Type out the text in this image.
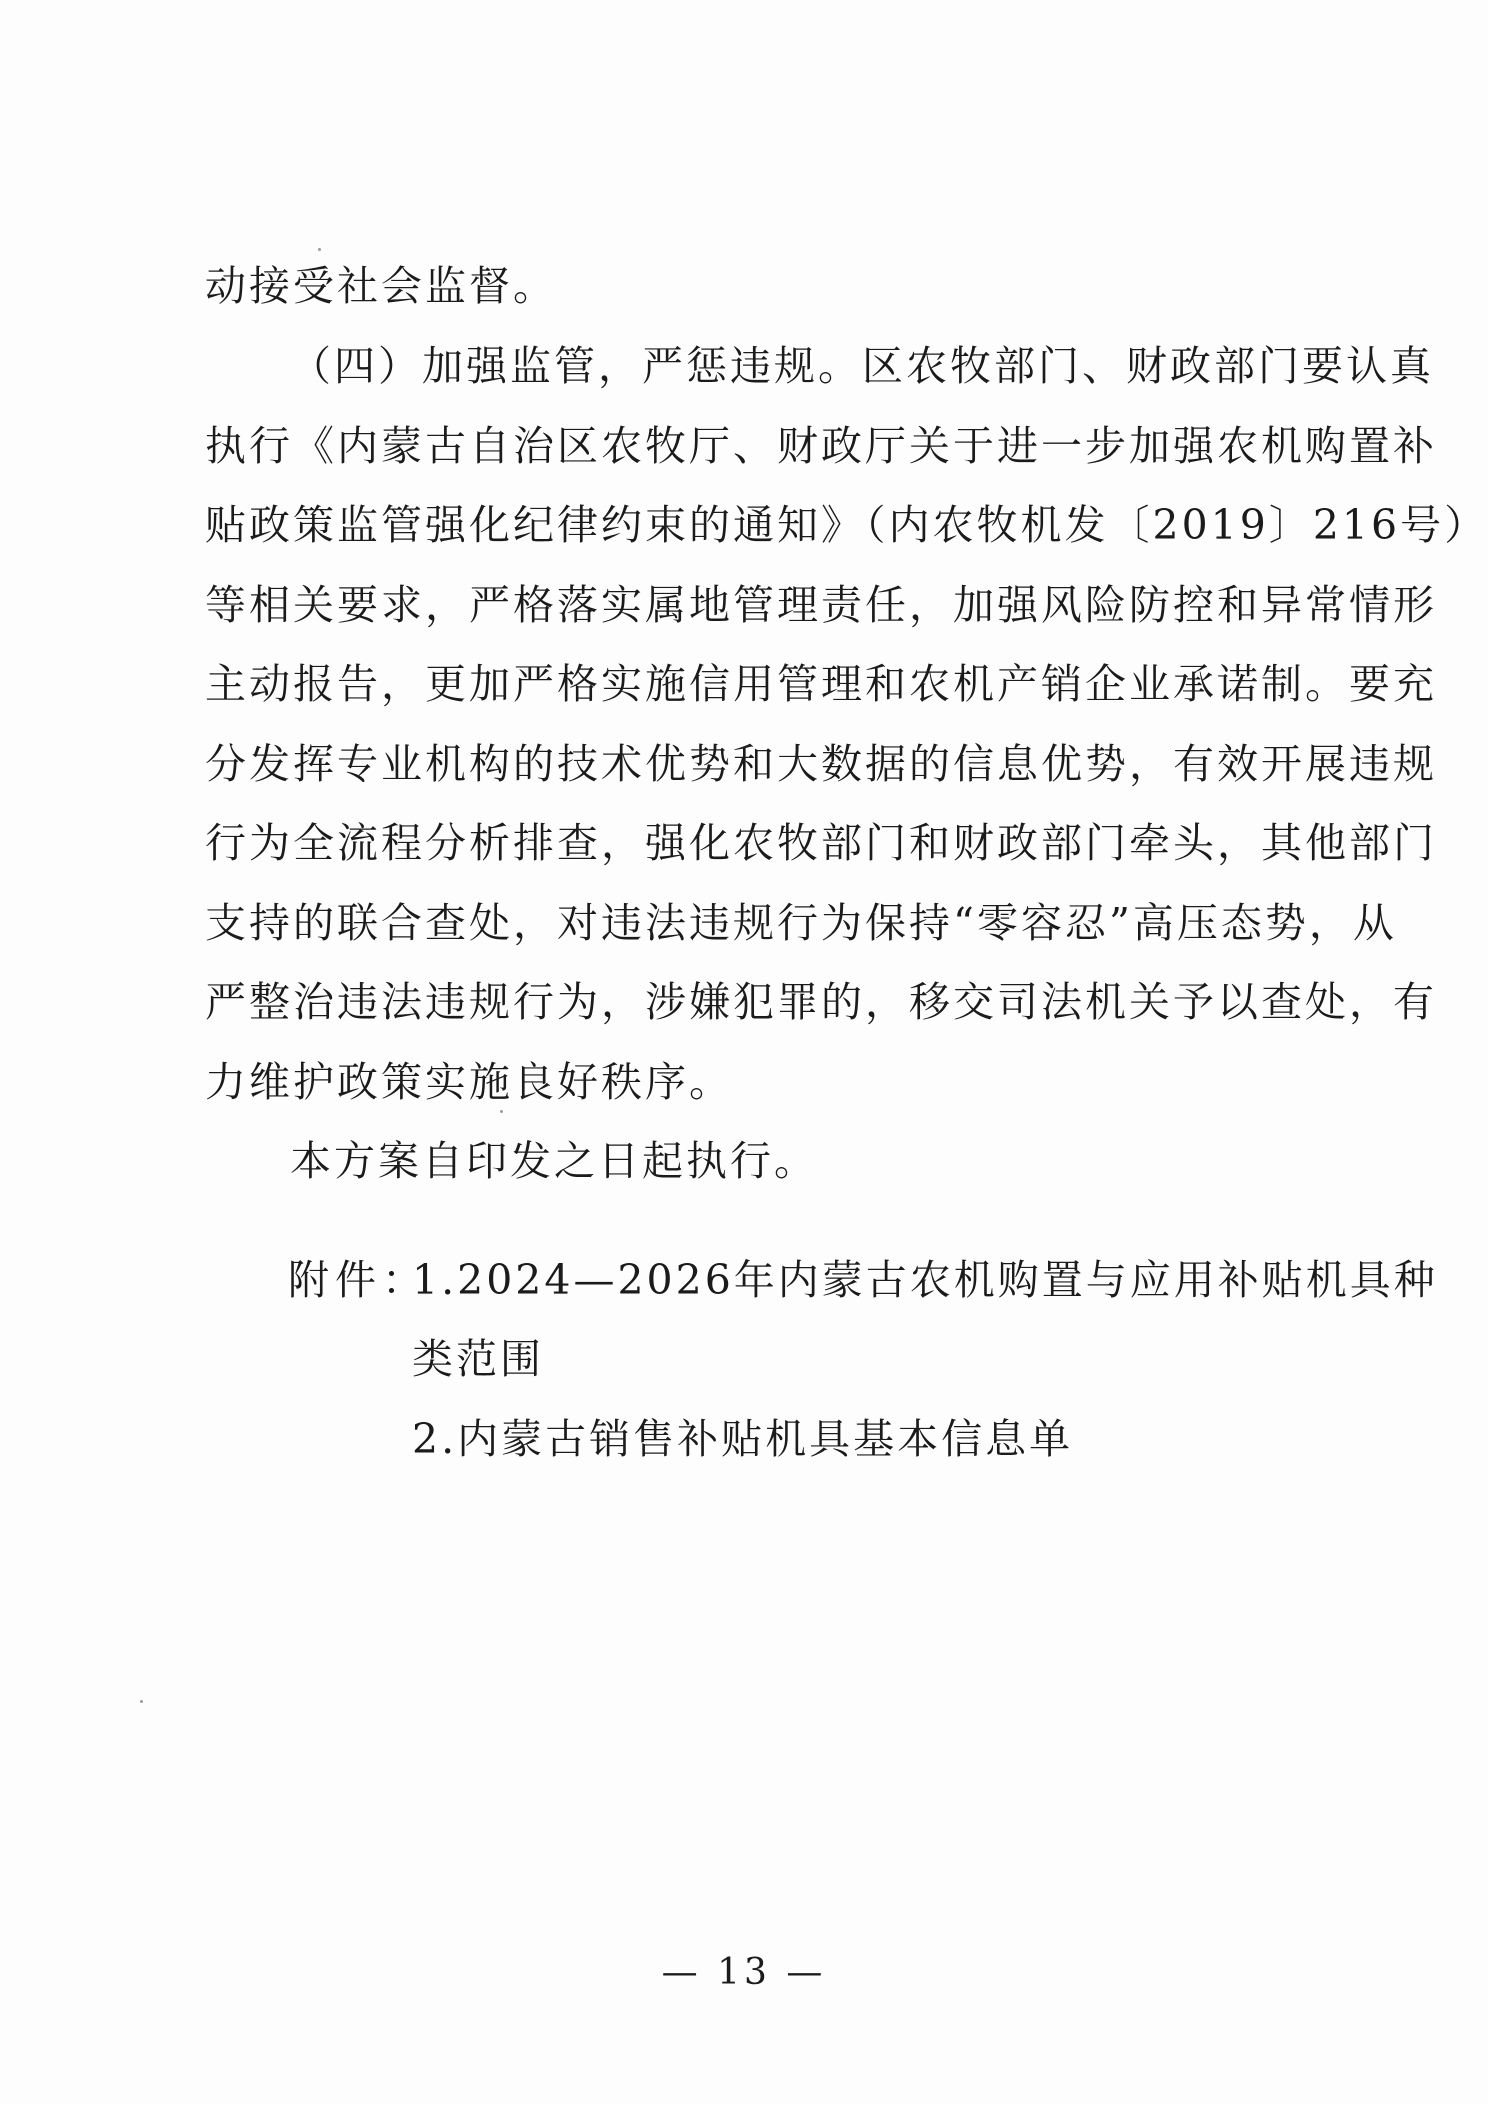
动接受社会监督。
（四）加强监管，严惩违规。区农牧部门、财政部门要认真
执行《内蒙古自治区农牧厅、财政厅关于进一步加强农机购置补
贴政策监管强化纪律约束的通知》（内农牧机发〔2019〕216号）
等相关要求，严格落实属地管理责任，加强风险防控和异常情形
主动报告，更加严格实施信用管理和农机产销企业承诺制。要充
分发挥专业机构的技术优势和大数据的信息优势，有效开展违规
行为全流程分析排查，强化农牧部门和财政部门牵头，其他部门
支持的联合查处，对违法违规行为保持“零容忍”高压态势，从
严整治违法违规行为，涉嫌犯罪的，移交司法机关予以查处，有
力维护政策实施良好秩序。
本方案自印发之日起执行。
附件：
1.2024—2026年内蒙古农机购置与应用补贴机具种
类范围
2.内蒙古销售补贴机具基本信息单
— 13 —
